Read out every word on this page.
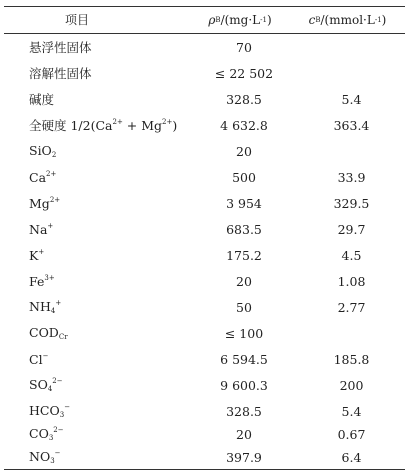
项目	ρ B /(mg·L -1 )	c B /(mmol·L -1 )
悬浮性固体	70
溶解性固体	≤ 22 502
碱度	328.5	5.4
全硬度 $1/2(Ca^{2+} + Mg^{2+})$	4 632.8	363.4
SiO$_2$	20
$Ca^{2+}$	500	33.9
$Mg^{2+}$	3 954	329.5
Na+	683.5	29.7
K+	175.2	4.5
$Fe^{3+}$	20	1.08
$NH_4^+$	50	2.77
$COD_{Cr}$	≤ 100
Cl−	6 594.5	185.8
$SO_4^{2-}$	9 600.3	200
$HCO_3^-$	328.5	5.4
$CO_3^{2-}$	20	0.67
$NO_3^-$	397.9	6.4
